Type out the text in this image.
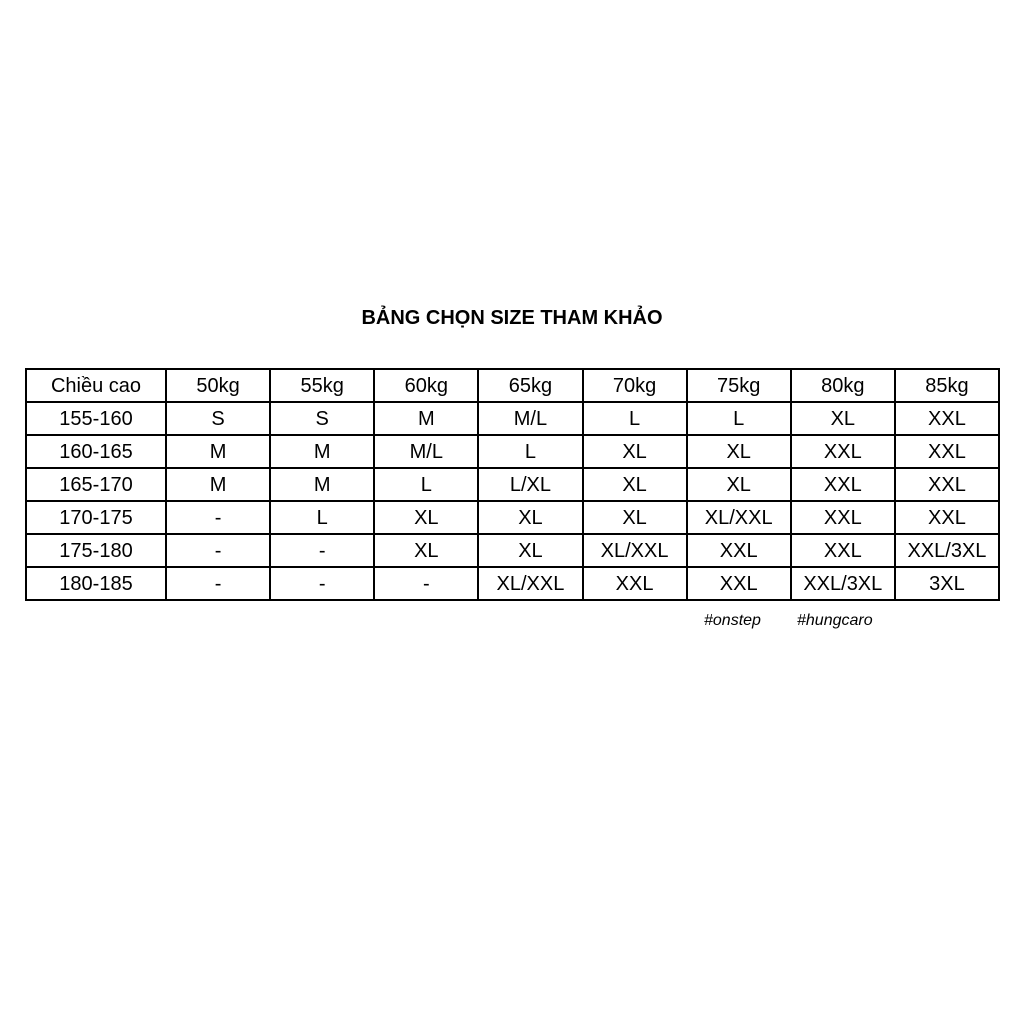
BẢNG CHỌN SIZE THAM KHẢO
Chiều cao	50kg	55kg	60kg	65kg	70kg	75kg	80kg	85kg
155-160	S	S	M	M/L	L	L	XL	XXL
160-165	M	M	M/L	L	XL	XL	XXL	XXL
165-170	M	M	L	L/XL	XL	XL	XXL	XXL
170-175	-	L	XL	XL	XL	XL/XXL	XXL	XXL
175-180	-	-	XL	XL	XL/XXL	XXL	XXL	XXL/3XL
180-185	-	-	-	XL/XXL	XXL	XXL	XXL/3XL	3XL
#onstep #hungcaro
